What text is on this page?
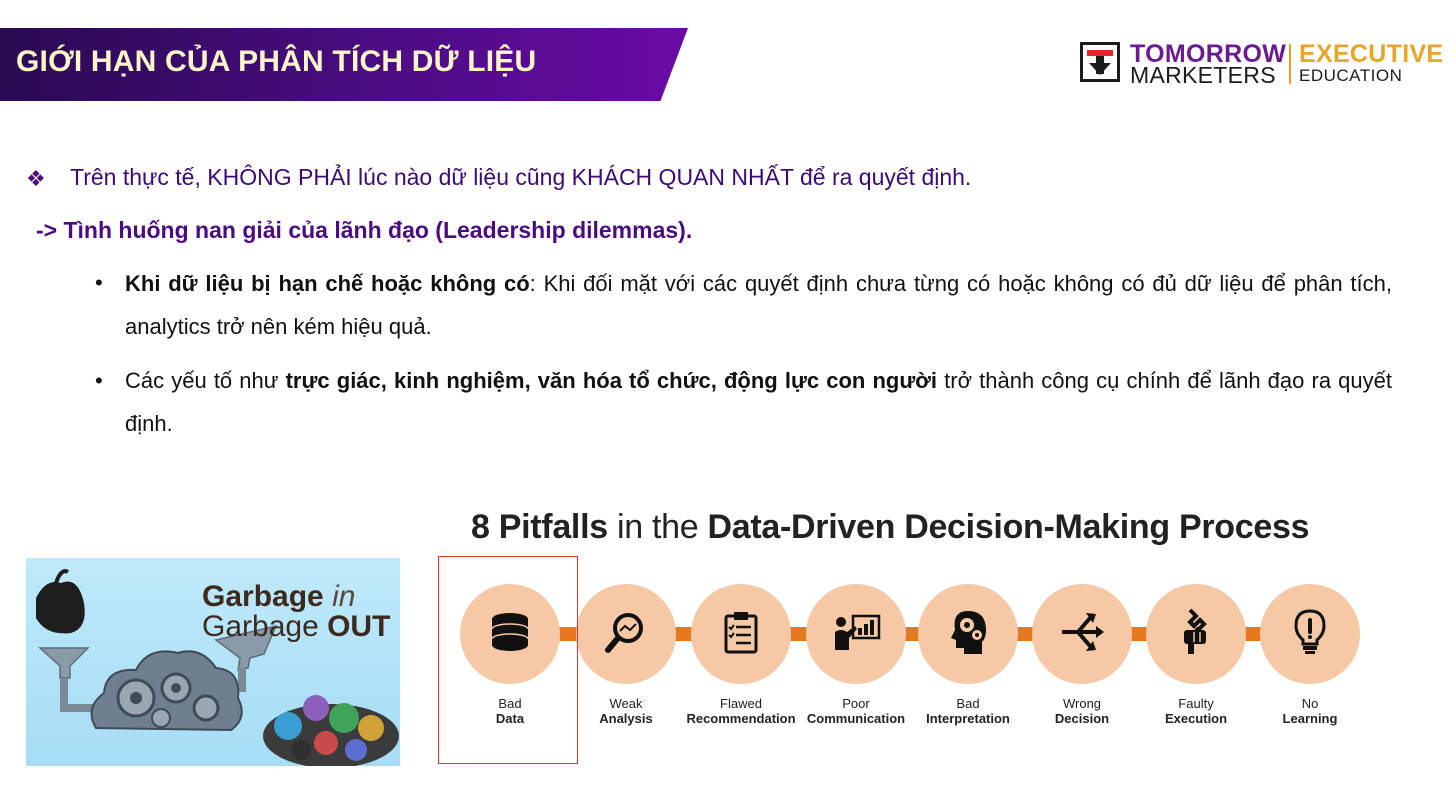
GIỚI HẠN CỦA PHÂN TÍCH DỮ LIỆU	TOMORROW
MARKETERS
EXECUTIVE
EDUCATION
❖ Trên thực tế, KHÔNG PHẢI lúc nào dữ liệu cũng KHÁCH QUAN NHẤT để ra quyết định.
-> Tình huống nan giải của lãnh đạo (Leadership dilemmas).
• Khi dữ liệu bị hạn chế hoặc không có: Khi đối mặt với các quyết định chưa từng có hoặc không có đủ dữ liệu để phân tích, analytics trở nên kém hiệu quả.
• Các yếu tố như trực giác, kinh nghiệm, văn hóa tổ chức, động lực con người trở thành công cụ chính để lãnh đạo ra quyết định.
Garbage in
Garbage OUT
8 Pitfalls in the Data-Driven Decision-Making Process
Bad
Data
Weak
Analysis
Flawed
Recommendation
Poor
Communication
Bad
Interpretation
Wrong
Decision
Faulty
Execution
No
Learning
